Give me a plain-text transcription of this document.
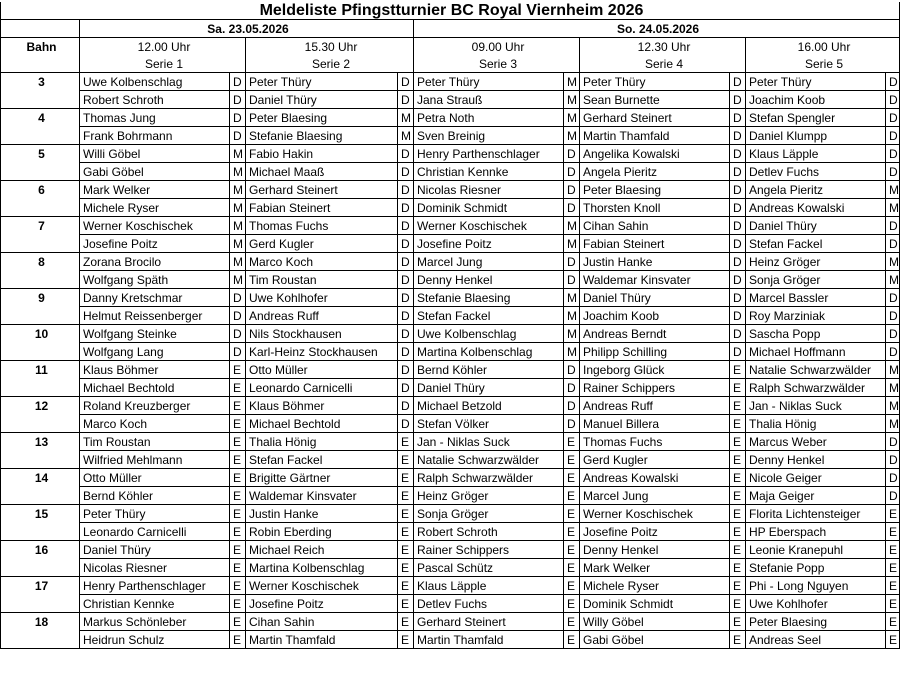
Meldeliste Pfingstturnier BC Royal Viernheim 2026										
	Sa. 23.05.2026				So. 24.05.2026					
Bahn	12.00 Uhr		15.30 Uhr		09.00 Uhr		12.30 Uhr		16.00 Uhr	
	Serie 1		Serie 2		Serie 3		Serie 4		Serie 5	
3	Uwe Kolbenschlag	D	Peter Thüry	D	Peter Thüry	M	Peter Thüry	D	Peter Thüry	D
	Robert Schroth	D	Daniel Thüry	D	Jana Strauß	M	Sean Burnette	D	Joachim Koob	D
4	Thomas Jung	D	Peter Blaesing	M	Petra Noth	M	Gerhard Steinert	D	Stefan Spengler	D
	Frank Bohrmann	D	Stefanie Blaesing	M	Sven Breinig	M	Martin Thamfald	D	Daniel Klumpp	D
5	Willi Göbel	M	Fabio Hakin	D	Henry Parthenschlager	D	Angelika Kowalski	D	Klaus Läpple	D
	Gabi Göbel	M	Michael Maaß	D	Christian Kennke	D	Angela Pieritz	D	Detlev Fuchs	D
6	Mark Welker	M	Gerhard Steinert	D	Nicolas Riesner	D	Peter Blaesing	D	Angela Pieritz	M
	Michele Ryser	M	Fabian Steinert	D	Dominik Schmidt	D	Thorsten Knoll	D	Andreas Kowalski	M
7	Werner Koschischek	M	Thomas Fuchs	D	Werner Koschischek	M	Cihan Sahin	D	Daniel Thüry	D
	Josefine Poitz	M	Gerd Kugler	D	Josefine Poitz	M	Fabian Steinert	D	Stefan Fackel	D
8	Zorana Brocilo	M	Marco Koch	D	Marcel Jung	D	Justin Hanke	D	Heinz Gröger	M
	Wolfgang Späth	M	Tim Roustan	D	Denny Henkel	D	Waldemar Kinsvater	D	Sonja Gröger	M
9	Danny Kretschmar	D	Uwe Kohlhofer	D	Stefanie Blaesing	M	Daniel Thüry	D	Marcel Bassler	D
	Helmut Reissenberger	D	Andreas Ruff	D	Stefan Fackel	M	Joachim Koob	D	Roy Marziniak	D
10	Wolfgang Steinke	D	Nils Stockhausen	D	Uwe Kolbenschlag	M	Andreas Berndt	D	Sascha Popp	D
	Wolfgang Lang	D	Karl-Heinz Stockhausen	D	Martina Kolbenschlag	M	Philipp Schilling	D	Michael Hoffmann	D
11	Klaus Böhmer	E	Otto Müller	D	Bernd Köhler	D	Ingeborg Glück	E	Natalie Schwarzwälder	M
	Michael Bechtold	E	Leonardo Carnicelli	D	Daniel Thüry	D	Rainer Schippers	E	Ralph Schwarzwälder	M
12	Roland Kreuzberger	E	Klaus Böhmer	D	Michael Betzold	D	Andreas Ruff	E	Jan - Niklas Suck	M
	Marco Koch	E	Michael Bechtold	D	Stefan Völker	D	Manuel Billera	E	Thalia Hönig	M
13	Tim Roustan	E	Thalia Hönig	E	Jan - Niklas Suck	E	Thomas Fuchs	E	Marcus Weber	D
	Wilfried Mehlmann	E	Stefan Fackel	E	Natalie Schwarzwälder	E	Gerd Kugler	E	Denny Henkel	D
14	Otto Müller	E	Brigitte Gärtner	E	Ralph Schwarzwälder	E	Andreas Kowalski	E	Nicole Geiger	D
	Bernd Köhler	E	Waldemar Kinsvater	E	Heinz Gröger	E	Marcel Jung	E	Maja Geiger	D
15	Peter Thüry	E	Justin Hanke	E	Sonja Gröger	E	Werner Koschischek	E	Florita Lichtensteiger	E
	Leonardo Carnicelli	E	Robin Eberding	E	Robert Schroth	E	Josefine Poitz	E	HP Eberspach	E
16	Daniel Thüry	E	Michael Reich	E	Rainer Schippers	E	Denny Henkel	E	Leonie Kranepuhl	E
	Nicolas Riesner	E	Martina Kolbenschlag	E	Pascal Schütz	E	Mark Welker	E	Stefanie Popp	E
17	Henry Parthenschlager	E	Werner Koschischek	E	Klaus Läpple	E	Michele Ryser	E	Phi - Long Nguyen	E
	Christian Kennke	E	Josefine Poitz	E	Detlev Fuchs	E	Dominik Schmidt	E	Uwe Kohlhofer	E
18	Markus Schönleber	E	Cihan Sahin	E	Gerhard Steinert	E	Willy Göbel	E	Peter Blaesing	E
	Heidrun Schulz	E	Martin Thamfald	E	Martin Thamfald	E	Gabi Göbel	E	Andreas Seel	E
